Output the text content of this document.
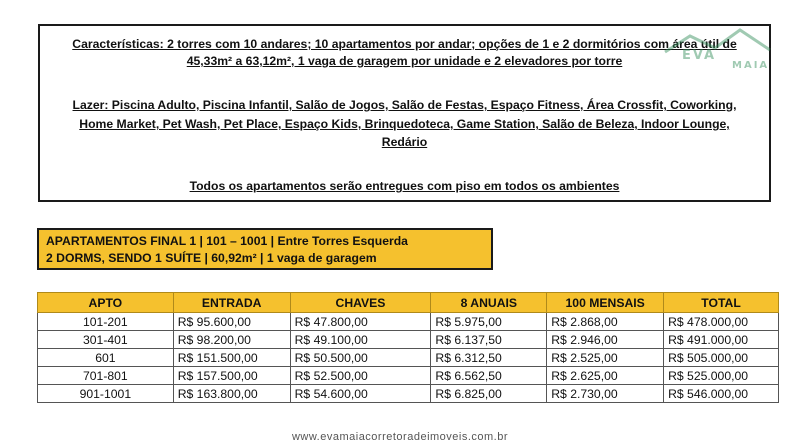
Características: 2 torres com 10 andares; 10 apartamentos por andar; opções de 1 e 2 dormitórios com área útil de
45,33m² a 63,12m², 1 vaga de garagem por unidade e 2 elevadores por torre
Lazer: Piscina Adulto, Piscina Infantil, Salão de Jogos, Salão de Festas, Espaço Fitness, Área Crossfit, Coworking,
Home Market, Pet Wash, Pet Place, Espaço Kids, Brinquedoteca, Game Station, Salão de Beleza, Indoor Lounge,
Redário
Todos os apartamentos serão entregues com piso em todos os ambientes
EVA
MAIA
APARTAMENTOS FINAL 1 | 101 – 1001 | Entre Torres Esquerda
2 DORMS, SENDO 1 SUÍTE | 60,92m² | 1 vaga de garagem
APTO	ENTRADA	CHAVES	8 ANUAIS	100 MENSAIS	TOTAL
101-201	R$ 95.600,00	R$ 47.800,00	R$ 5.975,00	R$ 2.868,00	R$ 478.000,00
301-401	R$ 98.200,00	R$ 49.100,00	R$ 6.137,50	R$ 2.946,00	R$ 491.000,00
601	R$ 151.500,00	R$ 50.500,00	R$ 6.312,50	R$ 2.525,00	R$ 505.000,00
701-801	R$ 157.500,00	R$ 52.500,00	R$ 6.562,50	R$ 2.625,00	R$ 525.000,00
901-1001	R$ 163.800,00	R$ 54.600,00	R$ 6.825,00	R$ 2.730,00	R$ 546.000,00
www.evamaiacorretoradeimoveis.com.br
